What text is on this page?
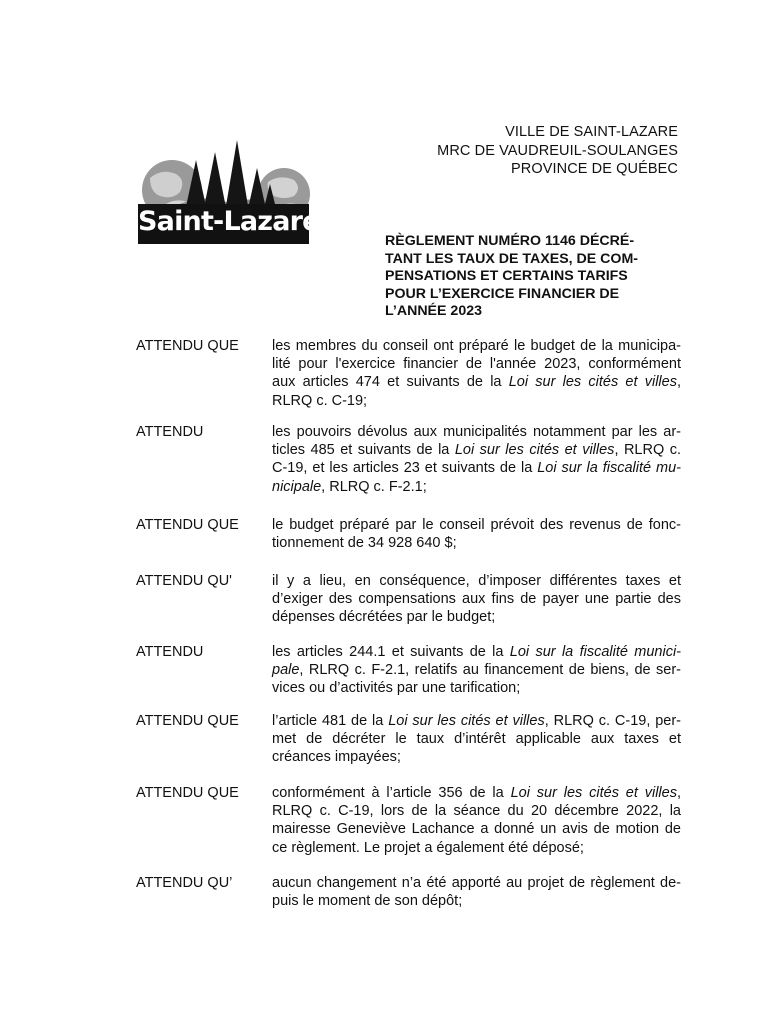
VILLE DE SAINT-LAZARE
MRC DE VAUDREUIL-SOULANGES
PROVINCE DE QUÉBEC
Saint-Lazare
RÈGLEMENT NUMÉRO 1146 DÉCRÉ-
TANT LES TAUX DE TAXES, DE COM-
PENSATIONS ET CERTAINS TARIFS
POUR L’EXERCICE FINANCIER DE
L’ANNÉE 2023
ATTENDU QUE	les membres du conseil ont préparé le budget de la municipa-
lité pour l'exercice financier de l'année 2023, conformément
aux articles 474 et suivants de la Loi sur les cités et villes,
RLRQ c. C-19;
ATTENDU	les pouvoirs dévolus aux municipalités notamment par les ar-
ticles 485 et suivants de la Loi sur les cités et villes, RLRQ c.
C-19, et les articles 23 et suivants de la Loi sur la fiscalité mu-
nicipale, RLRQ c. F-2.1;
ATTENDU QUE	le budget préparé par le conseil prévoit des revenus de fonc-
tionnement de 34 928 640 $;
ATTENDU QU'	il y a lieu, en conséquence, d’imposer différentes taxes et
d’exiger des compensations aux fins de payer une partie des
dépenses décrétées par le budget;
ATTENDU	les articles 244.1 et suivants de la Loi sur la fiscalité munici-
pale, RLRQ c. F-2.1, relatifs au financement de biens, de ser-
vices ou d’activités par une tarification;
ATTENDU QUE	l’article 481 de la Loi sur les cités et villes, RLRQ c. C-19, per-
met de décréter le taux d’intérêt applicable aux taxes et
créances impayées;
ATTENDU QUE	conformément à l’article 356 de la Loi sur les cités et villes,
RLRQ c. C-19, lors de la séance du 20 décembre 2022, la
mairesse Geneviève Lachance a donné un avis de motion de
ce règlement. Le projet a également été déposé;
ATTENDU QU’	aucun changement n’a été apporté au projet de règlement de-
puis le moment de son dépôt;
